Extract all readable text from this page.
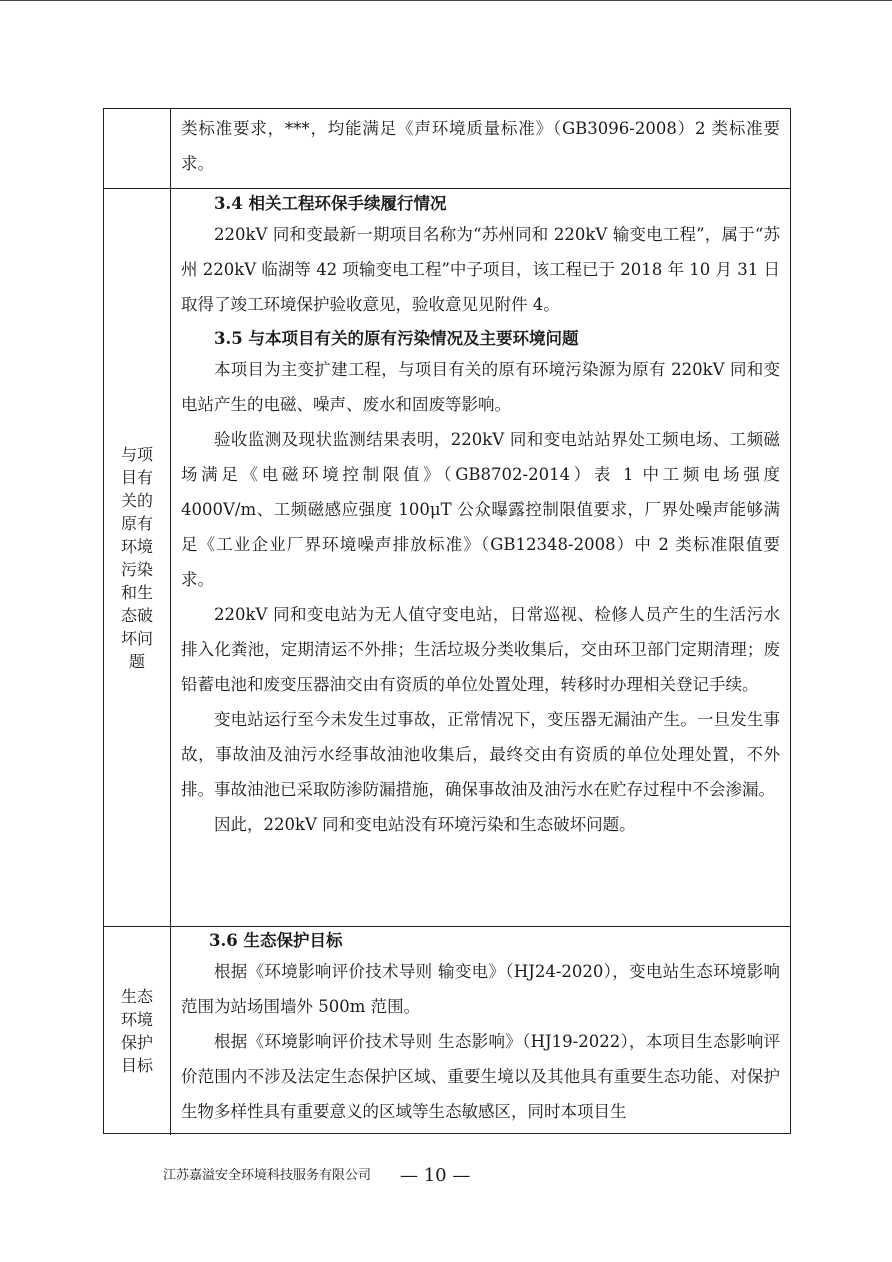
类标准要求，***，均能满足《声环境质量标准》（GB3096-2008）2 类标准要求。

与项目有关的原有环境污染和生态破坏问题

3.4 相关工程环保手续履行情况

220kV 同和变最新一期项目名称为“苏州同和 220kV 输变电工程”，属于“苏州 220kV 临湖等 42 项输变电工程”中子项目，该工程已于 2018 年 10 月 31 日取得了竣工环境保护验收意见，验收意见见附件 4。

3.5 与本项目有关的原有污染情况及主要环境问题

本项目为主变扩建工程，与项目有关的原有环境污染源为原有 220kV 同和变电站产生的电磁、噪声、废水和固废等影响。

验收监测及现状监测结果表明，220kV 同和变电站站界处工频电场、工频磁场满足《电磁环境控制限值》（GB8702-2014）表 1 中工频电场强度 4000V/m、工频磁感应强度 100μT 公众曝露控制限值要求，厂界处噪声能够满足《工业企业厂界环境噪声排放标准》（GB12348-2008）中 2 类标准限值要求。

220kV 同和变电站为无人值守变电站，日常巡视、检修人员产生的生活污水排入化粪池，定期清运不外排；生活垃圾分类收集后，交由环卫部门定期清理；废铅蓄电池和废变压器油交由有资质的单位处置处理，转移时办理相关登记手续。

变电站运行至今未发生过事故，正常情况下，变压器无漏油产生。一旦发生事故，事故油及油污水经事故油池收集后，最终交由有资质的单位处理处置，不外排。事故油池已采取防渗防漏措施，确保事故油及油污水在贮存过程中不会渗漏。

因此，220kV 同和变电站没有环境污染和生态破坏问题。

生态环境保护目标

3.6 生态保护目标

根据《环境影响评价技术导则 输变电》（HJ24-2020），变电站生态环境影响范围为站场围墙外 500m 范围。

根据《环境影响评价技术导则 生态影响》（HJ19-2022），本项目生态影响评价范围内不涉及法定生态保护区域、重要生境以及其他具有重要生态功能、对保护生物多样性具有重要意义的区域等生态敏感区，同时本项目生

江苏嘉溢安全环境科技服务有限公司 — 10 —
